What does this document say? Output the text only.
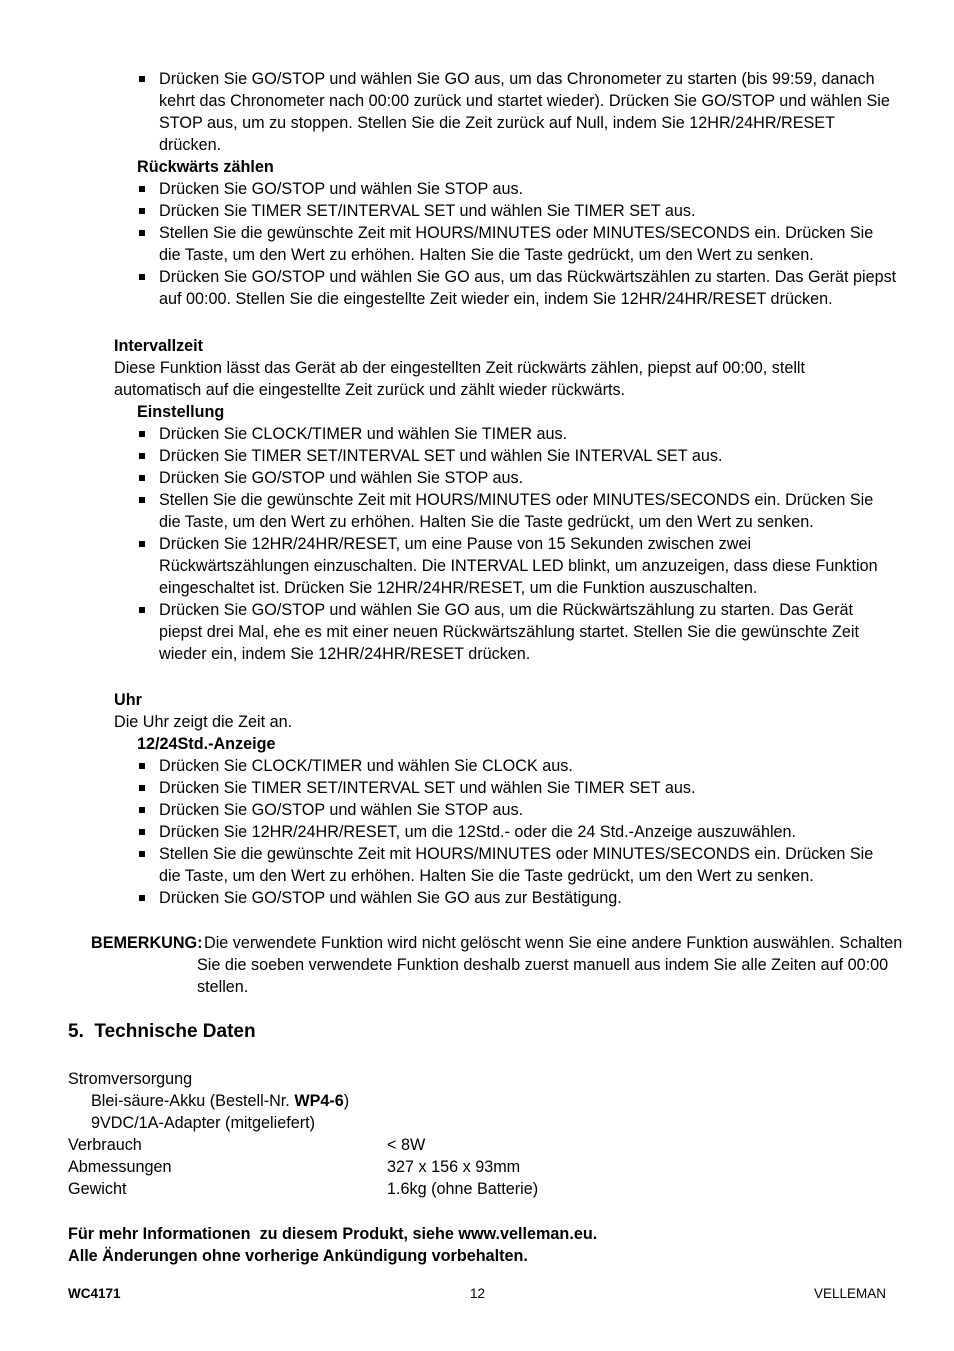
Drücken Sie GO/STOP und wählen Sie GO aus, um das Chronometer zu starten (bis 99:59, danach kehrt das Chronometer nach 00:00 zurück und startet wieder). Drücken Sie GO/STOP und wählen Sie STOP aus, um zu stoppen. Stellen Sie die Zeit zurück auf Null, indem Sie 12HR/24HR/RESET drücken.
Rückwärts zählen
Drücken Sie GO/STOP und wählen Sie STOP aus.
Drücken Sie TIMER SET/INTERVAL SET und wählen Sie TIMER SET aus.
Stellen Sie die gewünschte Zeit mit HOURS/MINUTES oder MINUTES/SECONDS ein. Drücken Sie die Taste, um den Wert zu erhöhen. Halten Sie die Taste gedrückt, um den Wert zu senken.
Drücken Sie GO/STOP und wählen Sie GO aus, um das Rückwärtszählen zu starten. Das Gerät piepst auf 00:00. Stellen Sie die eingestellte Zeit wieder ein, indem Sie 12HR/24HR/RESET drücken.
Intervallzeit
Diese Funktion lässt das Gerät ab der eingestellten Zeit rückwärts zählen, piepst auf 00:00, stellt automatisch auf die eingestellte Zeit zurück und zählt wieder rückwärts.
Einstellung
Drücken Sie CLOCK/TIMER und wählen Sie TIMER aus.
Drücken Sie TIMER SET/INTERVAL SET und wählen Sie INTERVAL SET aus.
Drücken Sie GO/STOP und wählen Sie STOP aus.
Stellen Sie die gewünschte Zeit mit HOURS/MINUTES oder MINUTES/SECONDS ein. Drücken Sie die Taste, um den Wert zu erhöhen. Halten Sie die Taste gedrückt, um den Wert zu senken.
Drücken Sie 12HR/24HR/RESET, um eine Pause von 15 Sekunden zwischen zwei Rückwärtszählungen einzuschalten. Die INTERVAL LED blinkt, um anzuzeigen, dass diese Funktion eingeschaltet ist. Drücken Sie 12HR/24HR/RESET, um die Funktion auszuschalten.
Drücken Sie GO/STOP und wählen Sie GO aus, um die Rückwärtszählung zu starten. Das Gerät piepst drei Mal, ehe es mit einer neuen Rückwärtszählung startet. Stellen Sie die gewünschte Zeit wieder ein, indem Sie 12HR/24HR/RESET drücken.
Uhr
Die Uhr zeigt die Zeit an.
12/24Std.-Anzeige
Drücken Sie CLOCK/TIMER und wählen Sie CLOCK aus.
Drücken Sie TIMER SET/INTERVAL SET und wählen Sie TIMER SET aus.
Drücken Sie GO/STOP und wählen Sie STOP aus.
Drücken Sie 12HR/24HR/RESET, um die 12Std.- oder die 24 Std.-Anzeige auszuwählen.
Stellen Sie die gewünschte Zeit mit HOURS/MINUTES oder MINUTES/SECONDS ein. Drücken Sie die Taste, um den Wert zu erhöhen. Halten Sie die Taste gedrückt, um den Wert zu senken.
Drücken Sie GO/STOP und wählen Sie GO aus zur Bestätigung.
BEMERKUNG: Die verwendete Funktion wird nicht gelöscht wenn Sie eine andere Funktion auswählen. Schalten
Sie die soeben verwendete Funktion deshalb zuerst manuell aus indem Sie alle Zeiten auf 00:00
stellen.
5.  Technische Daten
Stromversorgung
Blei-säure-Akku (Bestell-Nr. WP4-6)
9VDC/1A-Adapter (mitgeliefert)
Verbrauch	< 8W
Abmessungen	327 x 156 x 93mm
Gewicht	1.6kg (ohne Batterie)
Für mehr Informationen  zu diesem Produkt, siehe www.velleman.eu.
Alle Änderungen ohne vorherige Ankündigung vorbehalten.
WC4171	12	VELLEMAN
